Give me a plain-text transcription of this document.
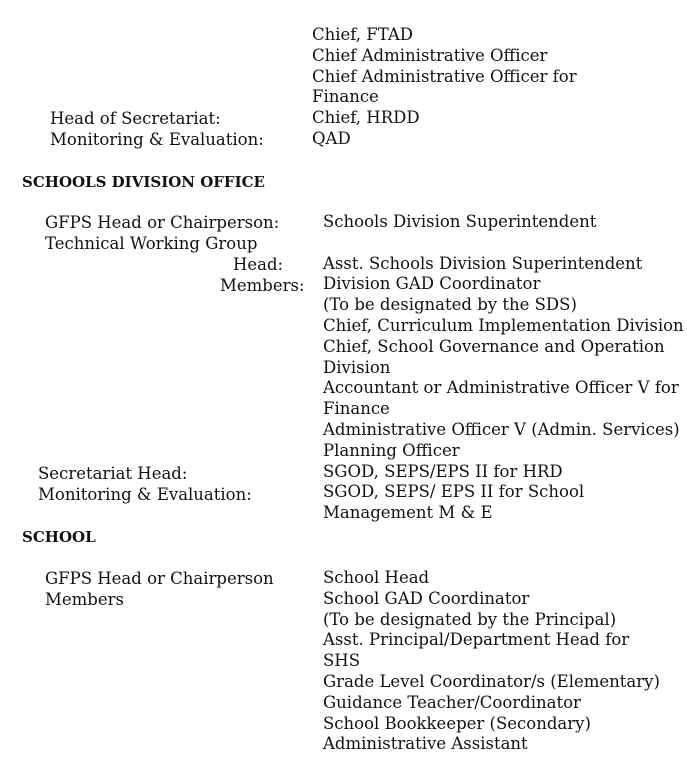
Chief, FTAD
Chief Administrative Officer
Chief Administrative Officer for
Finance
Chief, HRDD
QAD
Head of Secretariat:
Monitoring & Evaluation:
SCHOOLS DIVISION OFFICE
GFPS Head or Chairperson:
Technical Working Group
Head:
Members:
Secretariat Head:
Monitoring & Evaluation:
Schools Division Superintendent

Asst. Schools Division Superintendent
Division GAD Coordinator
(To be designated by the SDS)
Chief, Curriculum Implementation Division
Chief, School Governance and Operation
Division
Accountant or Administrative Officer V for
Finance
Administrative Officer V (Admin. Services)
Planning Officer
SGOD, SEPS/EPS II for HRD
SGOD, SEPS/ EPS II for School
Management M & E
SCHOOL
GFPS Head or Chairperson
Members
School Head
School GAD Coordinator
(To be designated by the Principal)
Asst. Principal/Department Head for
SHS
Grade Level Coordinator/s (Elementary)
Guidance Teacher/Coordinator
School Bookkeeper (Secondary)
Administrative Assistant
